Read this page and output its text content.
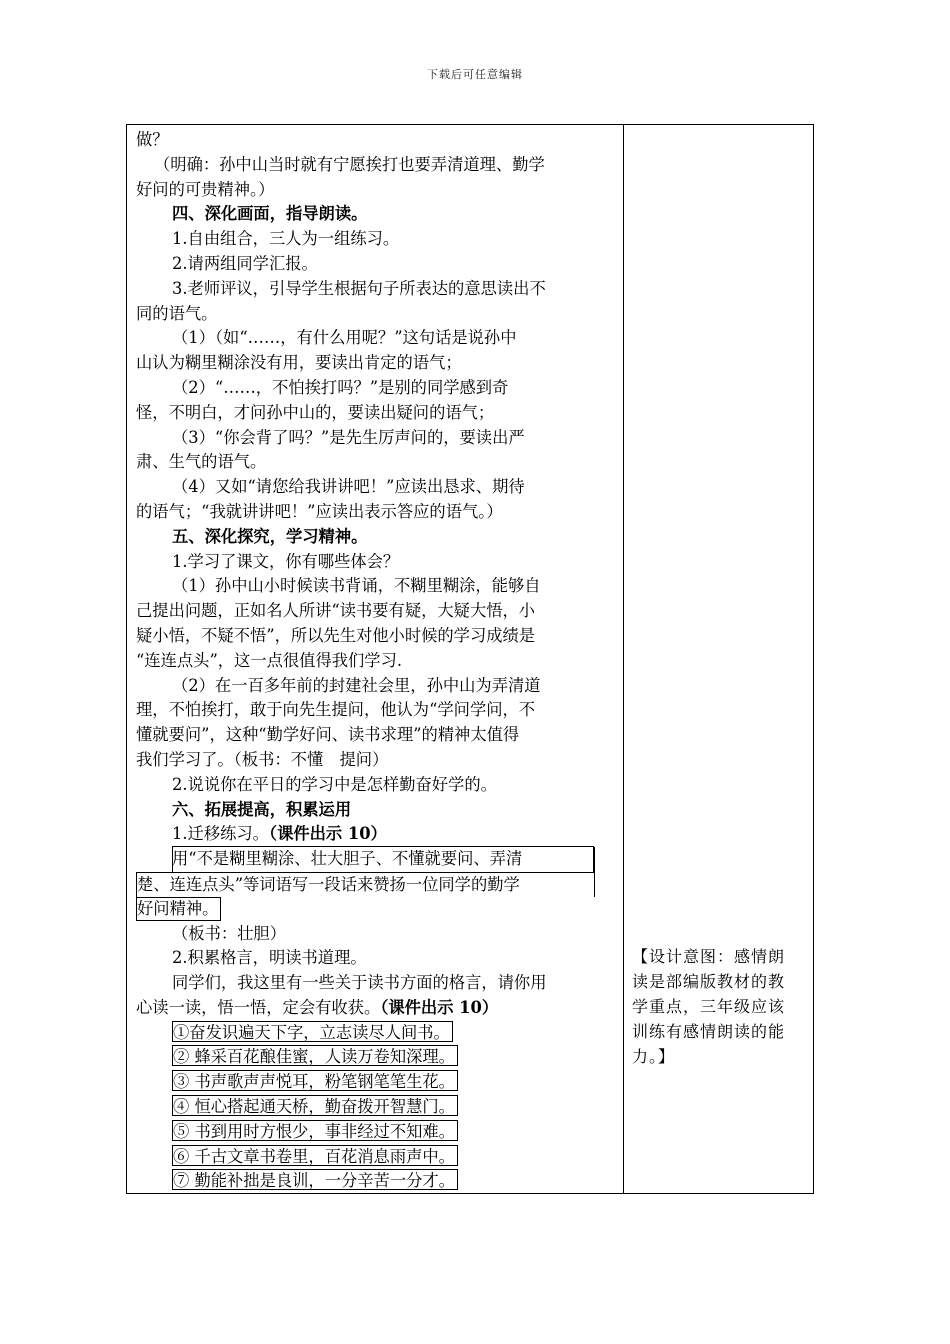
下载后可任意编辑
做？
（明确：孙中山当时就有宁愿挨打也要弄清道理、勤学
好问的可贵精神。）
四、深化画面，指导朗读。
1.自由组合，三人为一组练习。
2.请两组同学汇报。
3.老师评议，引导学生根据句子所表达的意思读出不
同的语气。
（1）（如“……，有什么用呢？”这句话是说孙中
山认为糊里糊涂没有用，要读出肯定的语气；
（2）“……，不怕挨打吗？”是别的同学感到奇
怪，不明白，才问孙中山的，要读出疑问的语气；
（3）“你会背了吗？”是先生厉声问的，要读出严
肃、生气的语气。
（4）又如“请您给我讲讲吧！”应读出恳求、期待
的语气；“我就讲讲吧！”应读出表示答应的语气。）
五、深化探究，学习精神。
1.学习了课文，你有哪些体会？
（1）孙中山小时候读书背诵，不糊里糊涂，能够自
己提出问题，正如名人所讲“读书要有疑，大疑大悟，小
疑小悟，不疑不悟”，所以先生对他小时候的学习成绩是
“连连点头”，这一点很值得我们学习.
（2）在一百多年前的封建社会里，孙中山为弄清道
理，不怕挨打，敢于向先生提问，他认为“学问学问，不
懂就要问”，这种“勤学好问、读书求理”的精神太值得
我们学习了。（板书：不懂　提问）
2.说说你在平日的学习中是怎样勤奋好学的。
六、拓展提高，积累运用
1.迁移练习。（课件出示 10）
用“不是糊里糊涂、壮大胆子、不懂就要问、弄清
楚、连连点头”等词语写一段话来赞扬一位同学的勤学
好问精神。
（板书：壮胆）
2.积累格言，明读书道理。
同学们，我这里有一些关于读书方面的格言，请你用
心读一读，悟一悟，定会有收获。（课件出示 10）
①奋发识遍天下字，立志读尽人间书。
② 蜂采百花酿佳蜜，人读万卷知深理。
③ 书声歌声声悦耳，粉笔钢笔笔生花。
④ 恒心搭起通天桥，勤奋拨开智慧门。
⑤ 书到用时方恨少，事非经过不知难。
⑥ 千古文章书卷里，百花消息雨声中。
⑦ 勤能补拙是良训，一分辛苦一分才。
【设计意图：感情朗
读是部编版教材的教
学重点，三年级应该
训练有感情朗读的能
力。】
